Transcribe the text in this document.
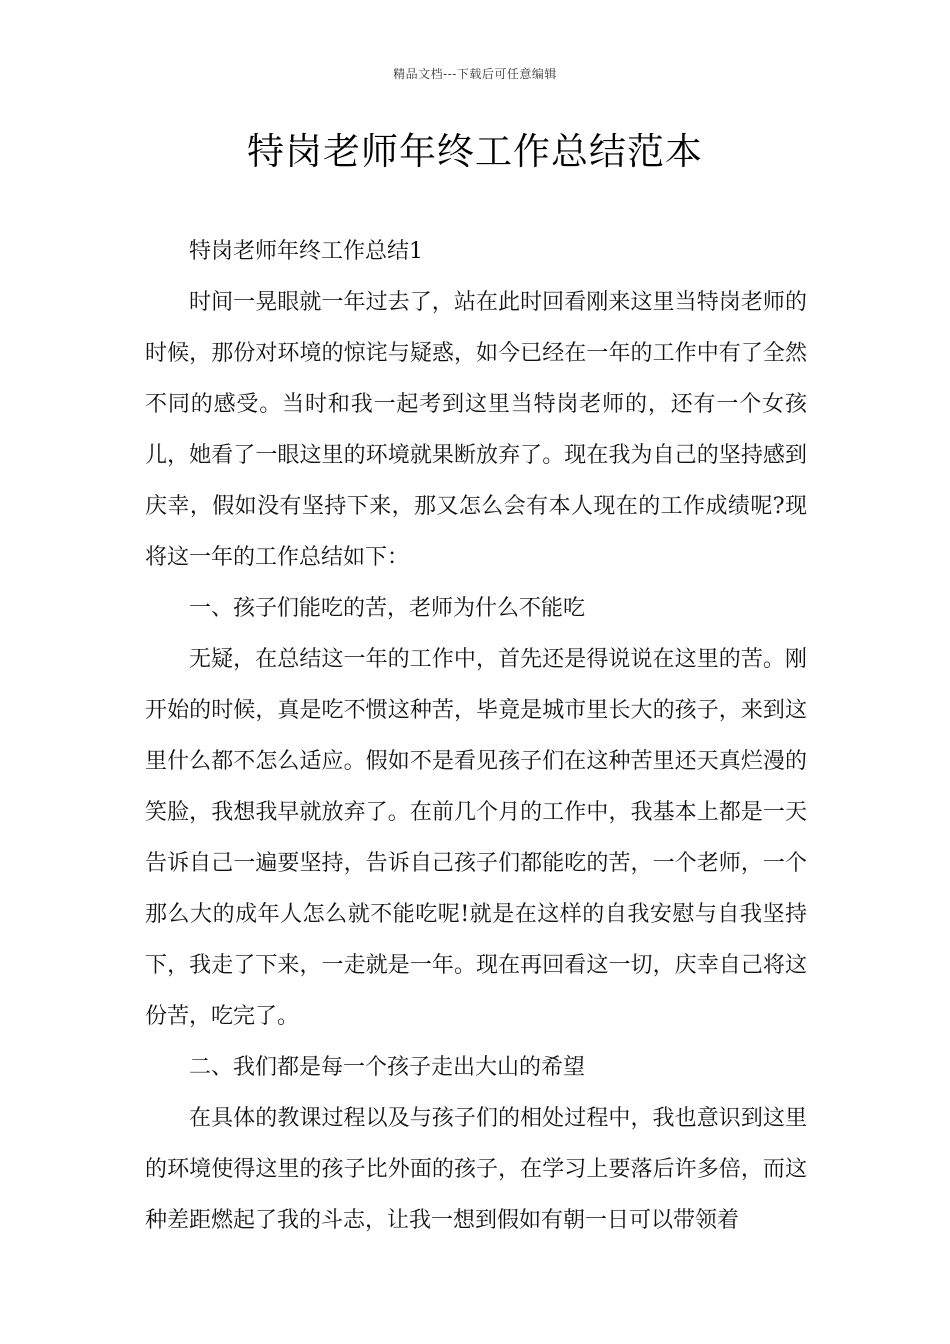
精品文档---下载后可任意编辑
特岗老师年终工作总结范本

特岗老师年终工作总结1

时间一晃眼就一年过去了，站在此时回看刚来这里当特岗老师的时候，那份对环境的惊诧与疑惑，如今已经在一年的工作中有了全然不同的感受。当时和我一起考到这里当特岗老师的，还有一个女孩儿，她看了一眼这里的环境就果断放弃了。现在我为自己的坚持感到庆幸，假如没有坚持下来，那又怎么会有本人现在的工作成绩呢?现将这一年的工作总结如下：

一、孩子们能吃的苦，老师为什么不能吃

无疑，在总结这一年的工作中，首先还是得说说在这里的苦。刚开始的时候，真是吃不惯这种苦，毕竟是城市里长大的孩子，来到这里什么都不怎么适应。假如不是看见孩子们在这种苦里还天真烂漫的笑脸，我想我早就放弃了。在前几个月的工作中，我基本上都是一天告诉自己一遍要坚持，告诉自己孩子们都能吃的苦，一个老师，一个那么大的成年人怎么就不能吃呢!就是在这样的自我安慰与自我坚持下，我走了下来，一走就是一年。现在再回看这一切，庆幸自己将这份苦，吃完了。

二、我们都是每一个孩子走出大山的希望

在具体的教课过程以及与孩子们的相处过程中，我也意识到这里的环境使得这里的孩子比外面的孩子，在学习上要落后许多倍，而这种差距燃起了我的斗志，让我一想到假如有朝一日可以带领着
